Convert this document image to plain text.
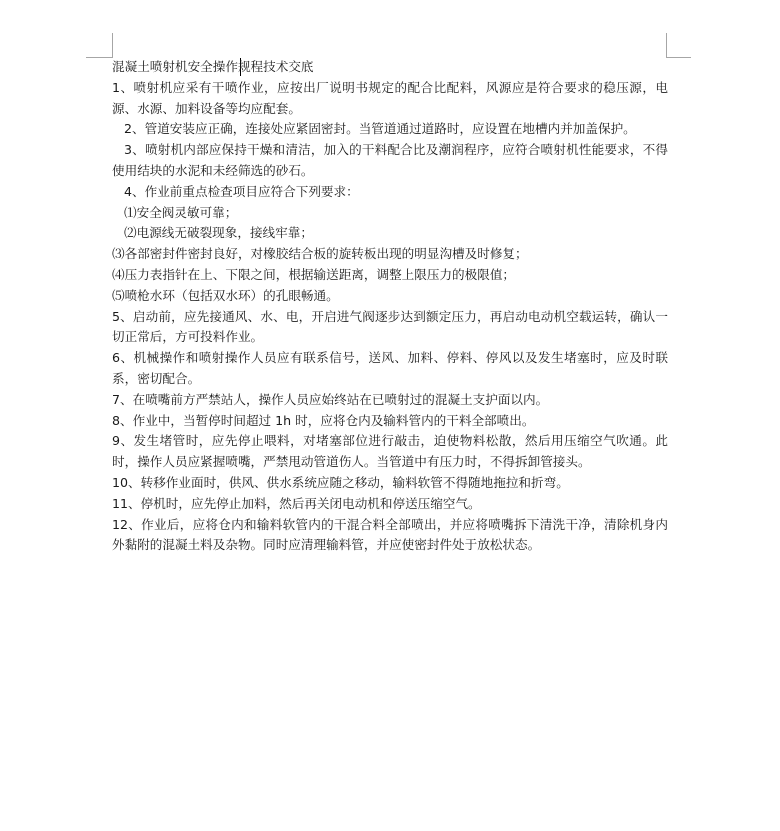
混凝土喷射机安全操作规程技术交底

1、喷射机应采有干喷作业，应按出厂说明书规定的配合比配料，风源应是符合要求的稳压源，电源、水源、加料设备等均应配套。

2、管道安装应正确，连接处应紧固密封。当管道通过道路时，应设置在地槽内并加盖保护。

3、喷射机内部应保持干燥和清洁，加入的干料配合比及潮润程序，应符合喷射机性能要求，不得使用结块的水泥和未经筛选的砂石。

4、作业前重点检查项目应符合下列要求：

⑴安全阀灵敏可靠；

⑵电源线无破裂现象，接线牢靠；

⑶各部密封件密封良好，对橡胶结合板的旋转板出现的明显沟槽及时修复；

⑷压力表指针在上、下限之间，根据输送距离，调整上限压力的极限值；

⑸喷枪水环（包括双水环）的孔眼畅通。

5、启动前，应先接通风、水、电，开启进气阀逐步达到额定压力，再启动电动机空载运转，确认一切正常后，方可投料作业。

6、机械操作和喷射操作人员应有联系信号，送风、加料、停料、停风以及发生堵塞时，应及时联系，密切配合。

7、在喷嘴前方严禁站人，操作人员应始终站在已喷射过的混凝土支护面以内。

8、作业中，当暂停时间超过 1h 时，应将仓内及输料管内的干料全部喷出。

9、发生堵管时，应先停止喂料，对堵塞部位进行敲击，迫使物料松散，然后用压缩空气吹通。此时，操作人员应紧握喷嘴，严禁甩动管道伤人。当管道中有压力时，不得拆卸管接头。

10、转移作业面时，供风、供水系统应随之移动，输料软管不得随地拖拉和折弯。

11、停机时，应先停止加料，然后再关闭电动机和停送压缩空气。

12、作业后，应将仓内和输料软管内的干混合料全部喷出，并应将喷嘴拆下清洗干净，清除机身内外黏附的混凝土料及杂物。同时应清理输料管，并应使密封件处于放松状态。
